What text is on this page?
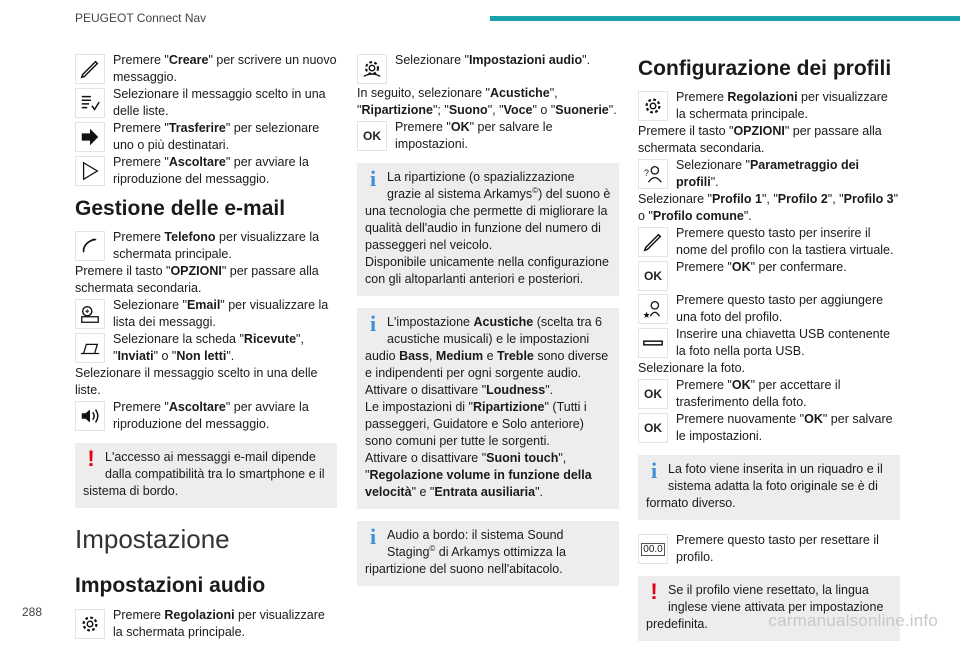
PEUGEOT Connect Nav
Premere "Creare" per scrivere un nuovo messaggio.
Selezionare il messaggio scelto in una delle liste.
Premere "Trasferire" per selezionare uno o più destinatari.
Premere "Ascoltare" per avviare la riproduzione del messaggio.
Gestione delle e-mail
Premere Telefono per visualizzare la schermata principale.

Premere il tasto "OPZIONI" per passare alla schermata secondaria.

Selezionare "Email" per visualizzare la lista dei messaggi.
Selezionare la scheda "Ricevute", "Inviati" o "Non letti".

Selezionare il messaggio scelto in una delle liste.

Premere "Ascoltare" per avviare la riproduzione del messaggio.
! L'accesso ai messaggi e-mail dipende dalla compatibilità tra lo smartphone e il sistema di bordo.
Impostazione
Impostazioni audio
Premere Regolazioni per visualizzare la schermata principale.
Selezionare "Impostazioni audio".

In seguito, selezionare "Acustiche", "Ripartizione"; "Suono", "Voce" o "Suonerie".

OK
Premere "OK" per salvare le impostazioni.
i La ripartizione (o spazializzazione grazie al sistema Arkamys©) del suono è una tecnologia che permette di migliorare la qualità dell'audio in funzione del numero di passeggeri nel veicolo.
Disponibile unicamente nella configurazione con gli altoparlanti anteriori e posteriori.
i L'impostazione Acustiche (scelta tra 6 acustiche musicali) e le impostazioni audio Bass, Medium e Treble sono diverse e indipendenti per ogni sorgente audio.
Attivare o disattivare "Loudness".
Le impostazioni di "Ripartizione" (Tutti i passeggeri, Guidatore e Solo anteriore) sono comuni per tutte le sorgenti.
Attivare o disattivare "Suoni touch", "Regolazione volume in funzione della velocità" e "Entrata ausiliaria".
i Audio a bordo: il sistema Sound Staging© di Arkamys ottimizza la ripartizione del suono nell'abitacolo.
Configurazione dei profili
Premere Regolazioni per visualizzare la schermata principale.

Premere il tasto "OPZIONI" per passare alla schermata secondaria.

?
Selezionare "Parametraggio dei profili".

Selezionare "Profilo 1", "Profilo 2", "Profilo 3" o "Profilo comune".

Premere questo tasto per inserire il nome del profilo con la tastiera virtuale.
OK
Premere "OK" per confermare.
Premere questo tasto per aggiungere una foto del profilo.
Inserire una chiavetta USB contenente la foto nella porta USB.

Selezionare la foto.

OK
Premere "OK" per accettare il trasferimento della foto.
OK
Premere nuovamente "OK" per salvare le impostazioni.
i La foto viene inserita in un riquadro e il sistema adatta la foto originale se è di formato diverso.
00.0
Premere questo tasto per resettare il profilo.
! Se il profilo viene resettato, la lingua inglese viene attivata per impostazione predefinita.
288	carmanualsonline.info
